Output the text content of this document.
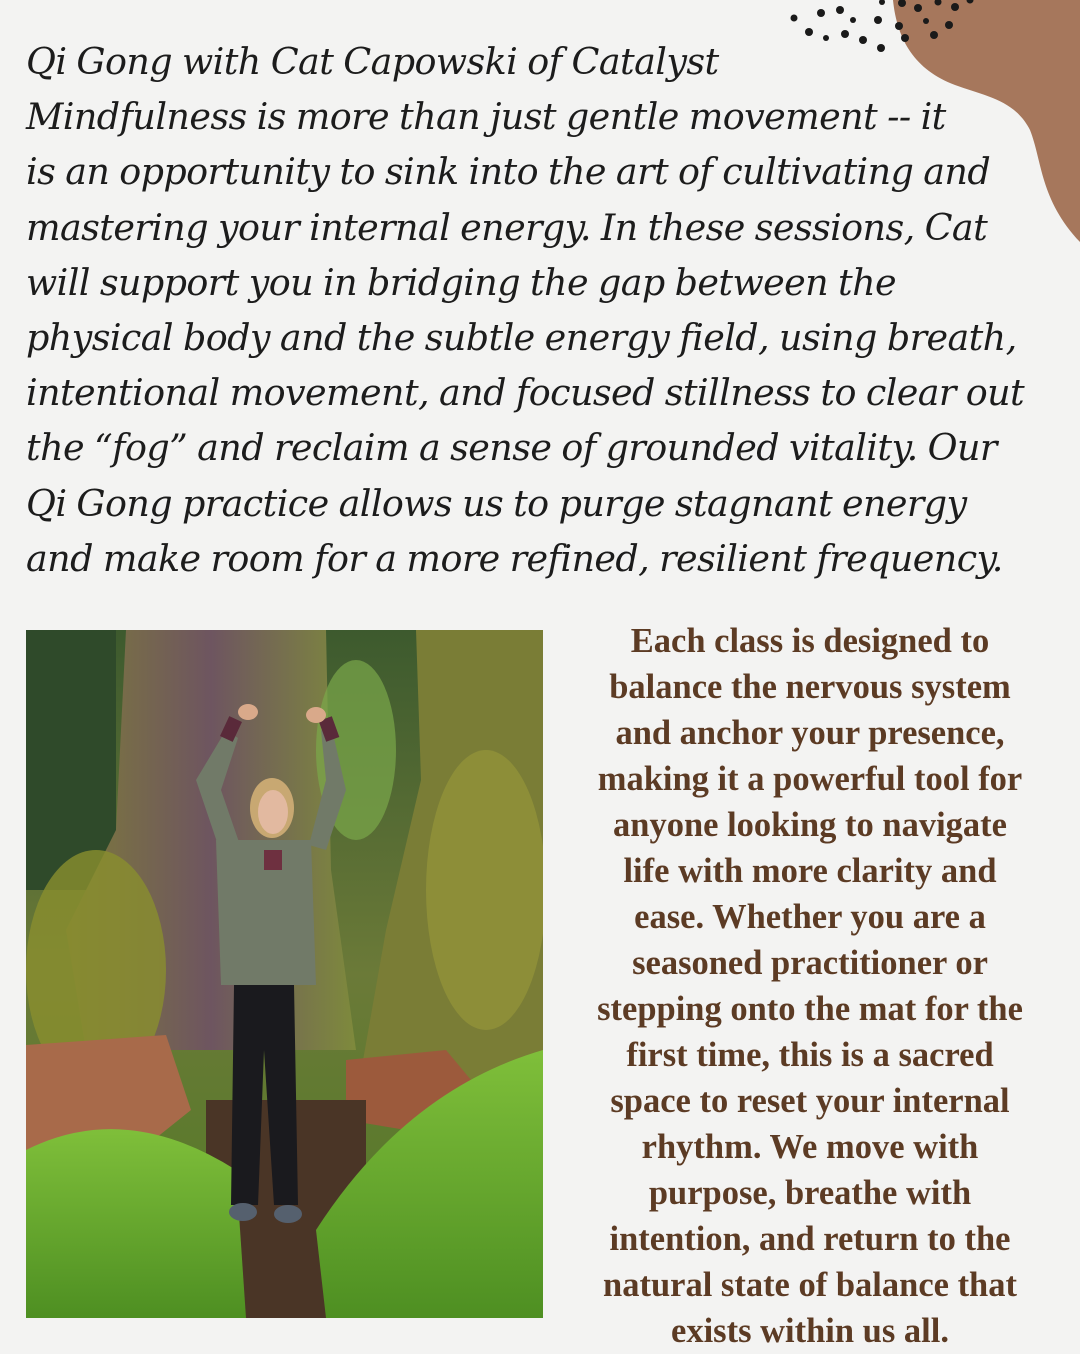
Qi Gong with Cat Capowski of Catalyst
Mindfulness is more than just gentle movement -- it
is an opportunity to sink into the art of cultivating and
mastering your internal energy. In these sessions, Cat
will support you in bridging the gap between the
physical body and the subtle energy field, using breath,
intentional movement, and focused stillness to clear out
the “fog” and reclaim a sense of grounded vitality. Our
Qi Gong practice allows us to purge stagnant energy
and make room for a more refined, resilient frequency.

Each class is designed to
balance the nervous system
and anchor your presence,
making it a powerful tool for
anyone looking to navigate
life with more clarity and
ease. Whether you are a
seasoned practitioner or
stepping onto the mat for the
first time, this is a sacred
space to reset your internal
rhythm. We move with
purpose, breathe with
intention, and return to the
natural state of balance that
exists within us all.
